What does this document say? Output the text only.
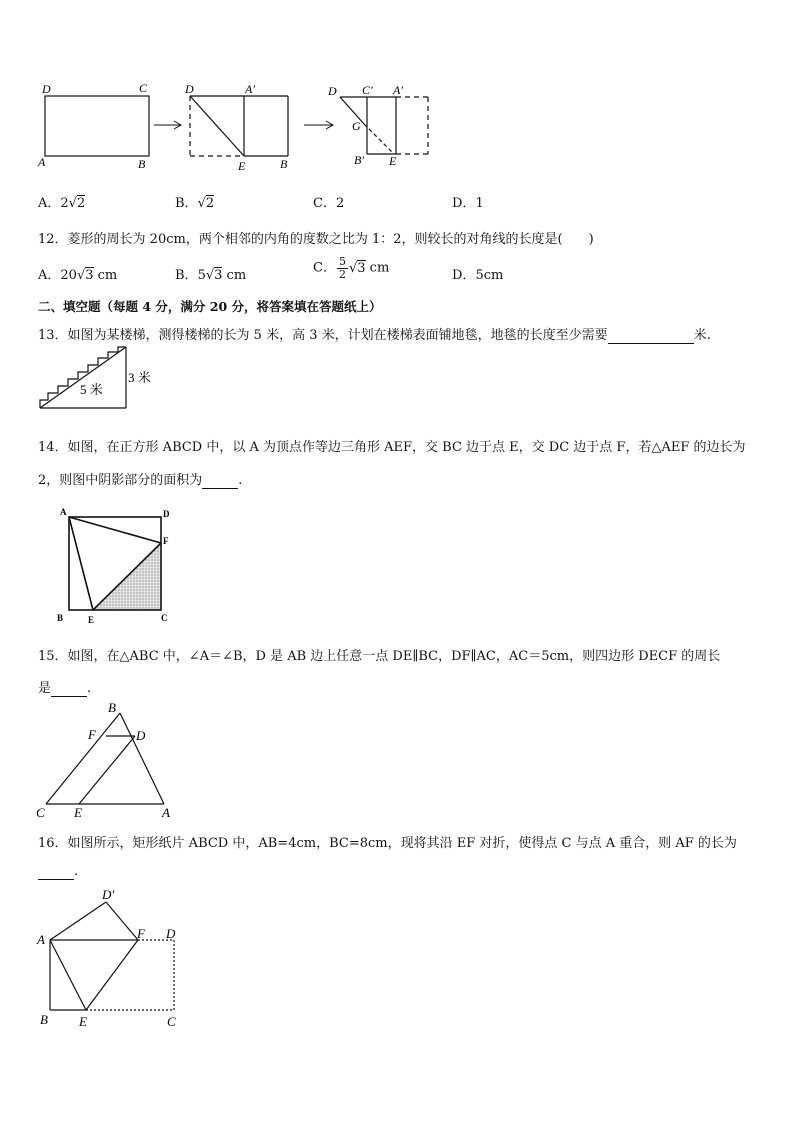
D	C
A	B
D	A′
E	B
D C′ A′
G
B′ E
A．2√2	B．√2	C．2	D．1
12．菱形的周长为 20cm，两个相邻的内角的度数之比为 1：2，则较长的对角线的长度是(　　)
A．20√3 cm	B．5√3 cm	C． $\frac{5}{2} √3$ cm	D．5cm
二、填空题（每题 4 分，满分 20 分，将答案填在答题纸上）
13．如图为某楼梯，测得楼梯的长为 5 米，高 3 米，计划在楼梯表面铺地毯，地毯的长度至少需要	米.
5 米
3 米
14．如图，在正方形 ABCD 中，以 A 为顶点作等边三角形 AEF，交 BC 边于点 E，交 DC 边于点 F，若△AEF 的边长为
2，则图中阴影部分的面积为	.
A	D
F
B	E	C
15．如图，在△ABC 中，∠A＝∠B，D 是 AB 边上任意一点 DE∥BC，DF∥AC，AC＝5cm，则四边形 DECF 的周长
是	.
B
F	D
C E	A
16．如图所示，矩形纸片 ABCD 中，AB=4cm，BC=8cm，现将其沿 EF 对折，使得点 C 与点 A 重合，则 AF 的长为
.
D′
A	F D
B E	C
